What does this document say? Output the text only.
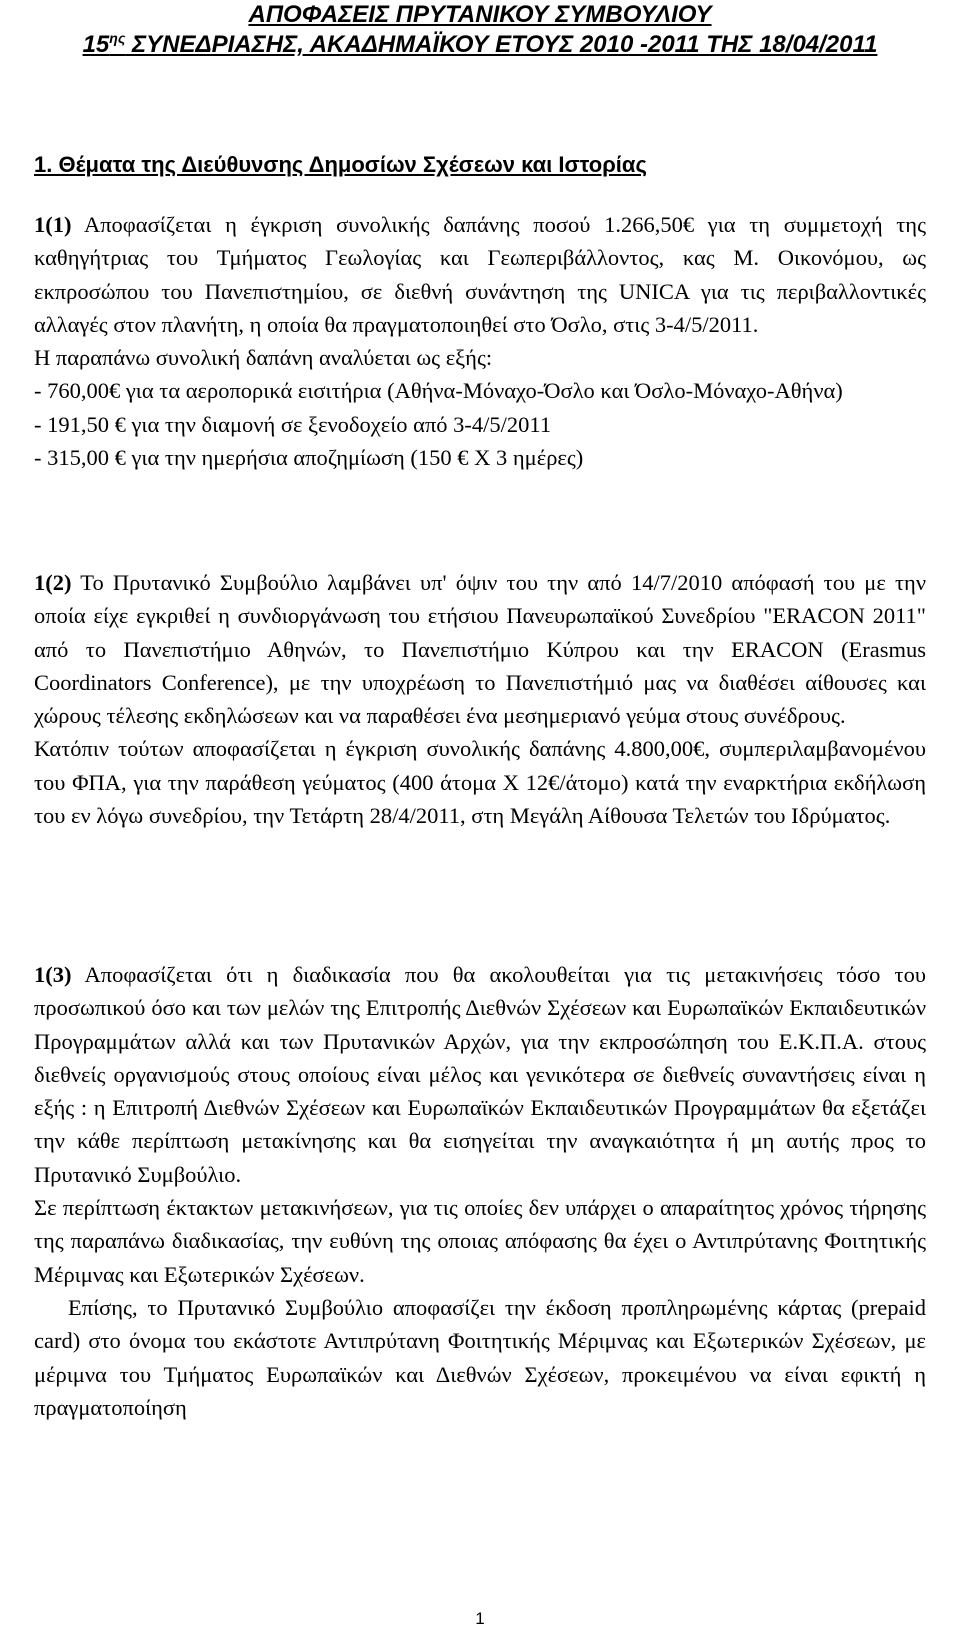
ΑΠΟΦΑΣΕΙΣ ΠΡΥΤΑΝΙΚΟΥ ΣΥΜΒΟΥΛΙΟΥ
$15^{\eta\varsigma}$ ΣΥΝΕΔΡΙΑΣΗΣ, ΑΚΑΔΗΜΑΪΚΟΥ ΕΤΟΥΣ 2010 -2011 ΤΗΣ 18/04/2011
1. Θέματα της Διεύθυνσης Δημοσίων Σχέσεων και Ιστορίας

1(1) Αποφασίζεται η έγκριση συνολικής δαπάνης ποσού 1.266,50€ για τη συμμετοχή της καθηγήτριας του Τμήματος Γεωλογίας και Γεωπεριβάλλοντος, κας Μ. Οικονόμου, ως εκπροσώπου του Πανεπιστημίου, σε διεθνή συνάντηση της UNICA για τις περιβαλλοντικές αλλαγές στον πλανήτη, η οποία θα πραγματοποιηθεί στο Όσλο, στις 3-4/5/2011.

Η παραπάνω συνολική δαπάνη αναλύεται ως εξής:

- 760,00€ για τα αεροπορικά εισιτήρια (Αθήνα-Μόναχο-Όσλο και Όσλο-Μόναχο-Αθήνα)

- 191,50 € για την διαμονή σε ξενοδοχείο από 3-4/5/2011

- 315,00 € για την ημερήσια αποζημίωση (150 € Χ 3 ημέρες)

1(2) Το Πρυτανικό Συμβούλιο λαμβάνει υπ' όψιν του την από 14/7/2010 απόφασή του με την οποία είχε εγκριθεί η συνδιοργάνωση του ετήσιου Πανευρωπαϊκού Συνεδρίου "ERACON 2011" από το Πανεπιστήμιο Αθηνών, το Πανεπιστήμιο Κύπρου και την ERACON (Erasmus Coordinators Conference), με την υποχρέωση το Πανεπιστήμιό μας να διαθέσει αίθουσες και χώρους τέλεσης εκδηλώσεων και να παραθέσει ένα μεσημεριανό γεύμα στους συνέδρους.

Κατόπιν τούτων αποφασίζεται η έγκριση συνολικής δαπάνης 4.800,00€, συμπεριλαμβανομένου του ΦΠΑ, για την παράθεση γεύματος (400 άτομα Χ 12€/άτομο) κατά την εναρκτήρια εκδήλωση του εν λόγω συνεδρίου, την Τετάρτη 28/4/2011, στη Μεγάλη Αίθουσα Τελετών του Ιδρύματος.

1(3) Αποφασίζεται ότι η διαδικασία που θα ακολουθείται για τις μετακινήσεις τόσο του προσωπικού όσο και των μελών της Επιτροπής Διεθνών Σχέσεων και Ευρωπαϊκών Εκπαιδευτικών Προγραμμάτων αλλά και των Πρυτανικών Αρχών, για την εκπροσώπηση του Ε.Κ.Π.Α. στους διεθνείς οργανισμούς στους οποίους είναι μέλος και γενικότερα σε διεθνείς συναντήσεις είναι η εξής : η Επιτροπή Διεθνών Σχέσεων και Ευρωπαϊκών Εκπαιδευτικών Προγραμμάτων θα εξετάζει την κάθε περίπτωση μετακίνησης και θα εισηγείται την αναγκαιότητα ή μη αυτής προς το Πρυτανικό Συμβούλιο.

Σε περίπτωση έκτακτων μετακινήσεων, για τις οποίες δεν υπάρχει ο απαραίτητος χρόνος τήρησης της παραπάνω διαδικασίας, την ευθύνη της οποιας απόφασης θα έχει ο Αντιπρύτανης Φοιτητικής Μέριμνας και Εξωτερικών Σχέσεων.

Επίσης, το Πρυτανικό Συμβούλιο αποφασίζει την έκδοση προπληρωμένης κάρτας (prepaid card) στο όνομα του εκάστοτε Αντιπρύτανη Φοιτητικής Μέριμνας και Εξωτερικών Σχέσεων, με μέριμνα του Τμήματος Ευρωπαϊκών και Διεθνών Σχέσεων, προκειμένου να είναι εφικτή η πραγματοποίηση

1
